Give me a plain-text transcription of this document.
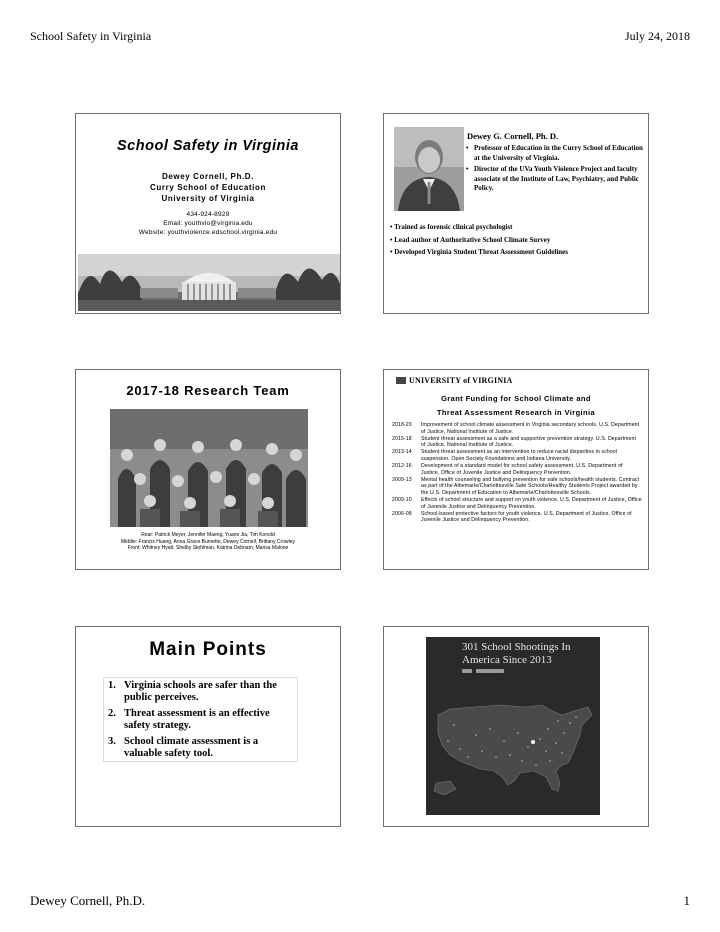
School Safety in Virginia	July 24, 2018
School Safety in Virginia
Dewey Cornell, Ph.D.
Curry School of Education
University of Virginia
434-924-8929
Email: youthvio@virginia.edu
Website: youthviolence.edschool.virginia.edu
Dewey G. Cornell, Ph. D.
• Professor of Education in the Curry School of Education at the University of Virginia.
• Director of the UVa Youth Violence Project and faculty associate of the Institute of Law, Psychiatry, and Public Policy.
• Trained as forensic clinical psychologist
• Lead author of Authoritative School Climate Survey
• Developed Virginia Student Threat Assessment Guidelines
2017-18 Research Team
Rear: Patrick Meyer, Jennifer Maeng, Yuane Jia, Tim Konold
Middle: Francis Huang, Anna Grace Burnette, Dewey Cornell, Brittany Crowley
Front: Whitney Hyatt, Shelby Stohlman, Katrina Debnam, Marisa Malone
UNIVERSITY of VIRGINIA
Grant Funding for School Climate and
Threat Assessment Research in Virginia
2018-20	Improvement of school climate assessment in Virginia secondary schools. U.S. Department of Justice, National Institute of Justice.
2015-18	Student threat assessment as a safe and supportive prevention strategy. U.S. Department of Justice, National Institute of Justice.
2013-14	Student threat assessment as an intervention to reduce racial disparities in school suspension. Open Society Foundations and Indiana University.
2012-16	Development of a standard model for school safety assessment. U.S. Department of Justice, Office of Juvenile Justice and Delinquency Prevention.
2009-13	Mental health counseling and bullying prevention for safe schools/health students. Contract as part of the Albemarle/Charlottesville Safe Schools/Healthy Students Project awarded by the U.S. Department of Education to Albemarle/Charlottesville Schools.
2009-10	Effects of school structure and support on youth violence. U.S. Department of Justice, Office of Juvenile Justice and Delinquency Prevention.
2006-08	School-based protective factors for youth violence. U.S. Department of Justice, Office of Juvenile Justice and Delinquency Prevention.
Main Points
1. Virginia schools are safer than the public perceives.
2. Threat assessment is an effective safety strategy.
3. School climate assessment is a valuable safety tool.
301 School Shootings In
America Since 2013
Dewey Cornell, Ph.D.	1
